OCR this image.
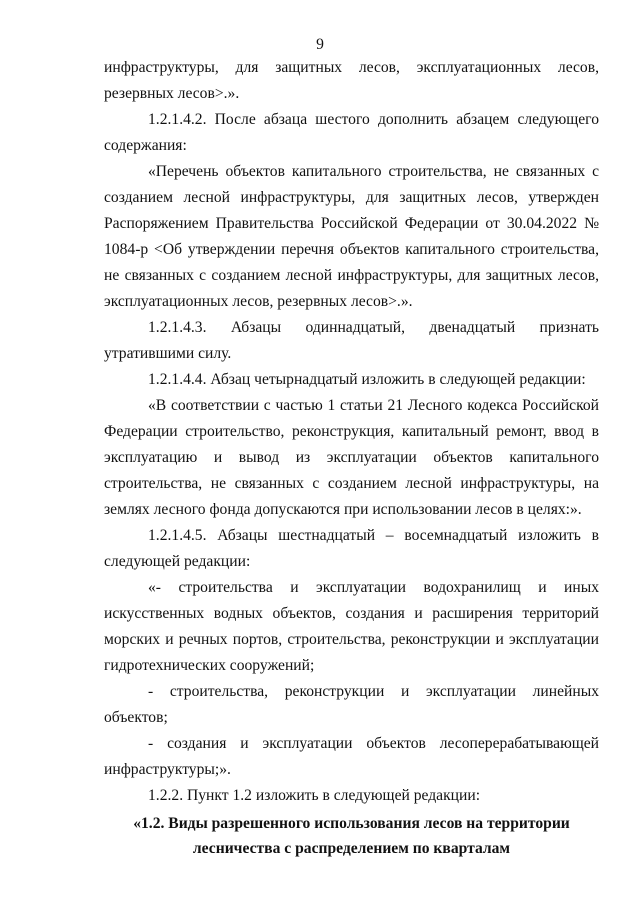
9

инфраструктуры, для защитных лесов, эксплуатационных лесов, резервных лесов>.».

1.2.1.4.2. После абзаца шестого дополнить абзацем следующего содержания:

«Перечень объектов капитального строительства, не связанных с созданием лесной инфраструктуры, для защитных лесов, утвержден Распоряжением Правительства Российской Федерации от 30.04.2022 № 1084-р <Об утверждении перечня объектов капитального строительства, не связанных с созданием лесной инфраструктуры, для защитных лесов, эксплуатационных лесов, резервных лесов>.».

1.2.1.4.3. Абзацы одиннадцатый, двенадцатый признать утратившими силу.

1.2.1.4.4. Абзац четырнадцатый изложить в следующей редакции:

«В соответствии с частью 1 статьи 21 Лесного кодекса Российской Федерации строительство, реконструкция, капитальный ремонт, ввод в эксплуатацию и вывод из эксплуатации объектов капитального строительства, не связанных с созданием лесной инфраструктуры, на землях лесного фонда допускаются при использовании лесов в целях:».

1.2.1.4.5. Абзацы шестнадцатый – восемнадцатый изложить в следующей редакции:

«- строительства и эксплуатации водохранилищ и иных искусственных водных объектов, создания и расширения территорий морских и речных портов, строительства, реконструкции и эксплуатации гидротехнических сооружений;

- строительства, реконструкции и эксплуатации линейных объектов;

- создания и эксплуатации объектов лесоперерабатывающей инфраструктуры;».

1.2.2. Пункт 1.2 изложить в следующей редакции:

«1.2. Виды разрешенного использования лесов на территории лесничества с распределением по кварталам
